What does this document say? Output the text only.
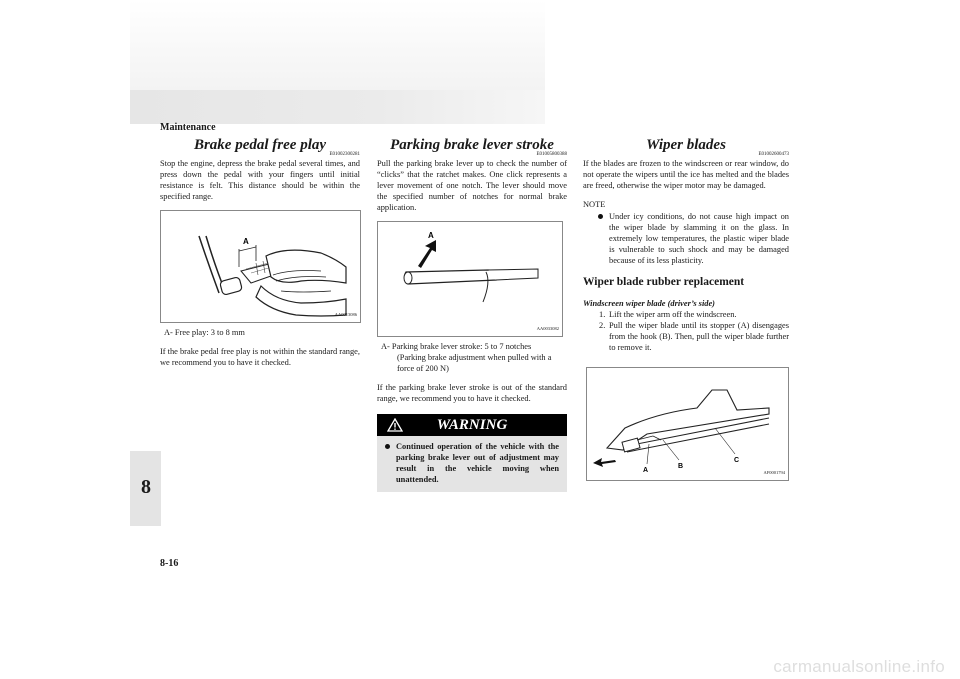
Maintenance
8
Brake pedal free play
E01002300281

Stop the engine, depress the brake pedal several times, and press down the pedal with your fingers until initial resistance is felt. This distance should be within the specified range.

A
AA0013086
A- Free play: 3 to 8 mm

If the brake pedal free play is not within the standard range, we recommend you to have it checked.

Parking brake lever stroke
E01005800388

Pull the parking brake lever up to check the number of “clicks” that the ratchet makes. One click represents a lever movement of one notch. The lever should move the specified number of notches for normal brake application.

A
AA0033082
A- Parking brake lever stroke: 5 to 7 notches
(Parking brake adjustment when pulled with a force of 200 N)

If the parking brake lever stroke is out of the standard range, we recommend you to have it checked.

WARNING
Continued operation of the vehicle with the parking brake lever out of adjustment may result in the vehicle moving when unattended.
Wiper blades
E01002600473

If the blades are frozen to the windscreen or rear window, do not operate the wipers until the ice has melted and the blades are freed, otherwise the wiper motor may be damaged.

NOTE
Under icy conditions, do not cause high impact on the wiper blade by slamming it on the glass. In extremely low temperatures, the plastic wiper blade is vulnerable to such shock and may be damaged because of its less plasticity.
Wiper blade rubber replacement
Windscreen wiper blade (driver’s side)
1. Lift the wiper arm off the windscreen.
2. Pull the wiper blade until its stopper (A) disengages from the hook (B). Then, pull the wiper blade further to remove it.
A
B
C
AF0001794
8-16
carmanualsonline.info
